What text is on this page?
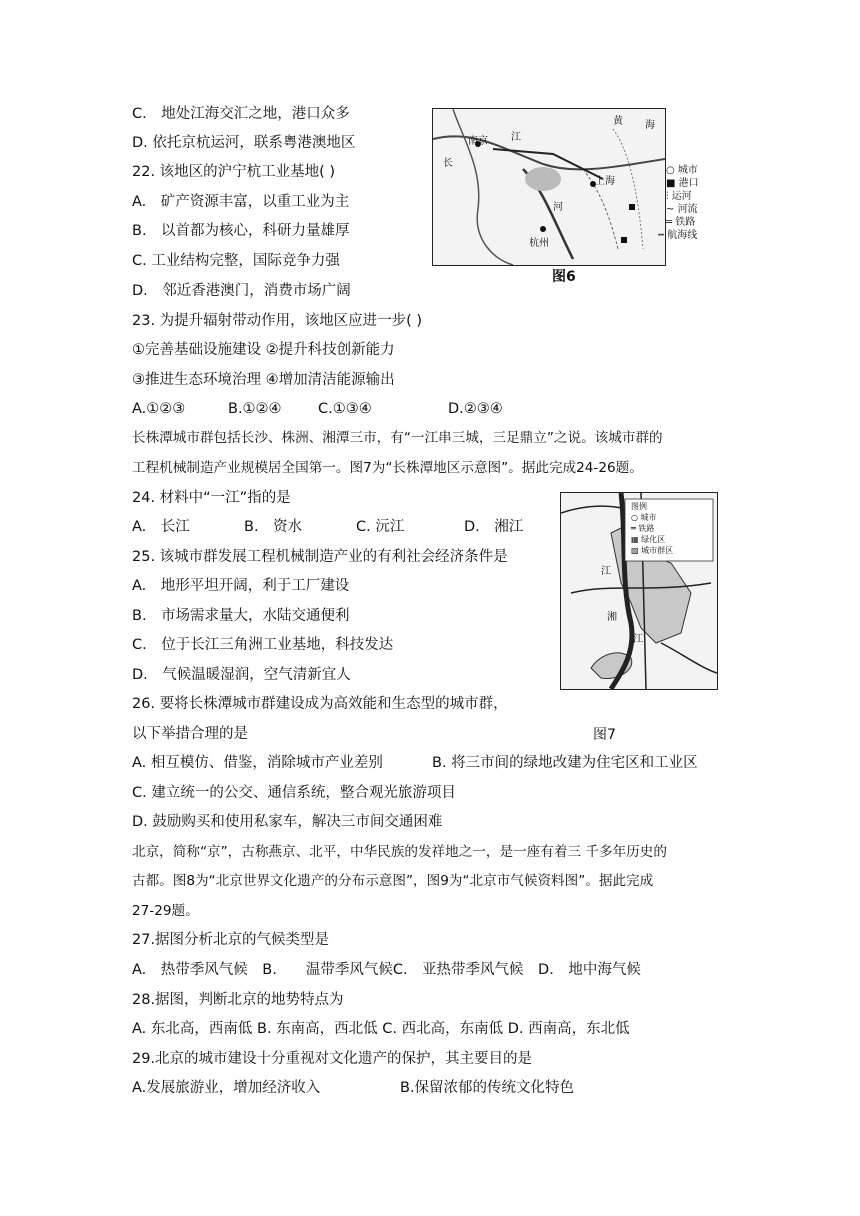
C.　地处江海交汇之地，港口众多
D. 依托京杭运河，联系粤港澳地区
22. 该地区的沪宁杭工业基地( )
A.　矿产资源丰富，以重工业为主
B.　以首都为核心，科研力量雄厚
C. 工业结构完整，国际竞争力强
D.　邻近香港澳门，消费市场广阔
黄 海
江
南京
长
上海
杭州
河
○ 城市
■ 港口
⫶ 运河
~ 河流
═ 铁路
┅ 航海线
图6
23. 为提升辐射带动作用，该地区应进一步( )
①完善基础设施建设 ②提升科技创新能力
③推进生态环境治理 ④增加清洁能源输出
A.①②③	B.①②④	C.①③④	D.②③④
长株潭城市群包括长沙、株洲、湘潭三市，有“一江串三城，三足鼎立”之说。该城市群的
工程机械制造产业规模居全国第一。图7为“长株潭地区示意图”。据此完成24-26题。
24. 材料中“一江”指的是
A.　长江	B.　资水	C. 沅江	D.　湘江
25. 该城市群发展工程机械制造产业的有利社会经济条件是
A.　地形平坦开阔，利于工厂建设
B.　市场需求量大，水陆交通便利
C.　位于长江三角洲工业基地，科技发达
D.　气候温暖湿润，空气清新宜人
图例
○ 城市
═ 铁路
▦ 绿化区
▨ 城市群区
江
江
湘
图7
26. 要将长株潭城市群建设成为高效能和生态型的城市群，
以下举措合理的是
A. 相互模仿、借鉴，消除城市产业差别	B. 将三市间的绿地改建为住宅区和工业区
C. 建立统一的公交、通信系统，整合观光旅游项目
D. 鼓励购买和使用私家车，解决三市间交通困难
北京，简称“京”，古称燕京、北平，中华民族的发祥地之一，是一座有着三 千多年历史的
古都。图8为“北京世界文化遗产的分布示意图”，图9为“北京市气候资料图”。据此完成
27-29题。
27.据图分析北京的气候类型是
A.　热带季风气候　B.　　温带季风气候C.　亚热带季风气候　D.　地中海气候
28.据图，判断北京的地势特点为
A. 东北高，西南低 B. 东南高，西北低 C. 西北高，东南低 D. 西南高，东北低
29.北京的城市建设十分重视对文化遗产的保护，其主要目的是
A.发展旅游业，增加经济收入	B.保留浓郁的传统文化特色
